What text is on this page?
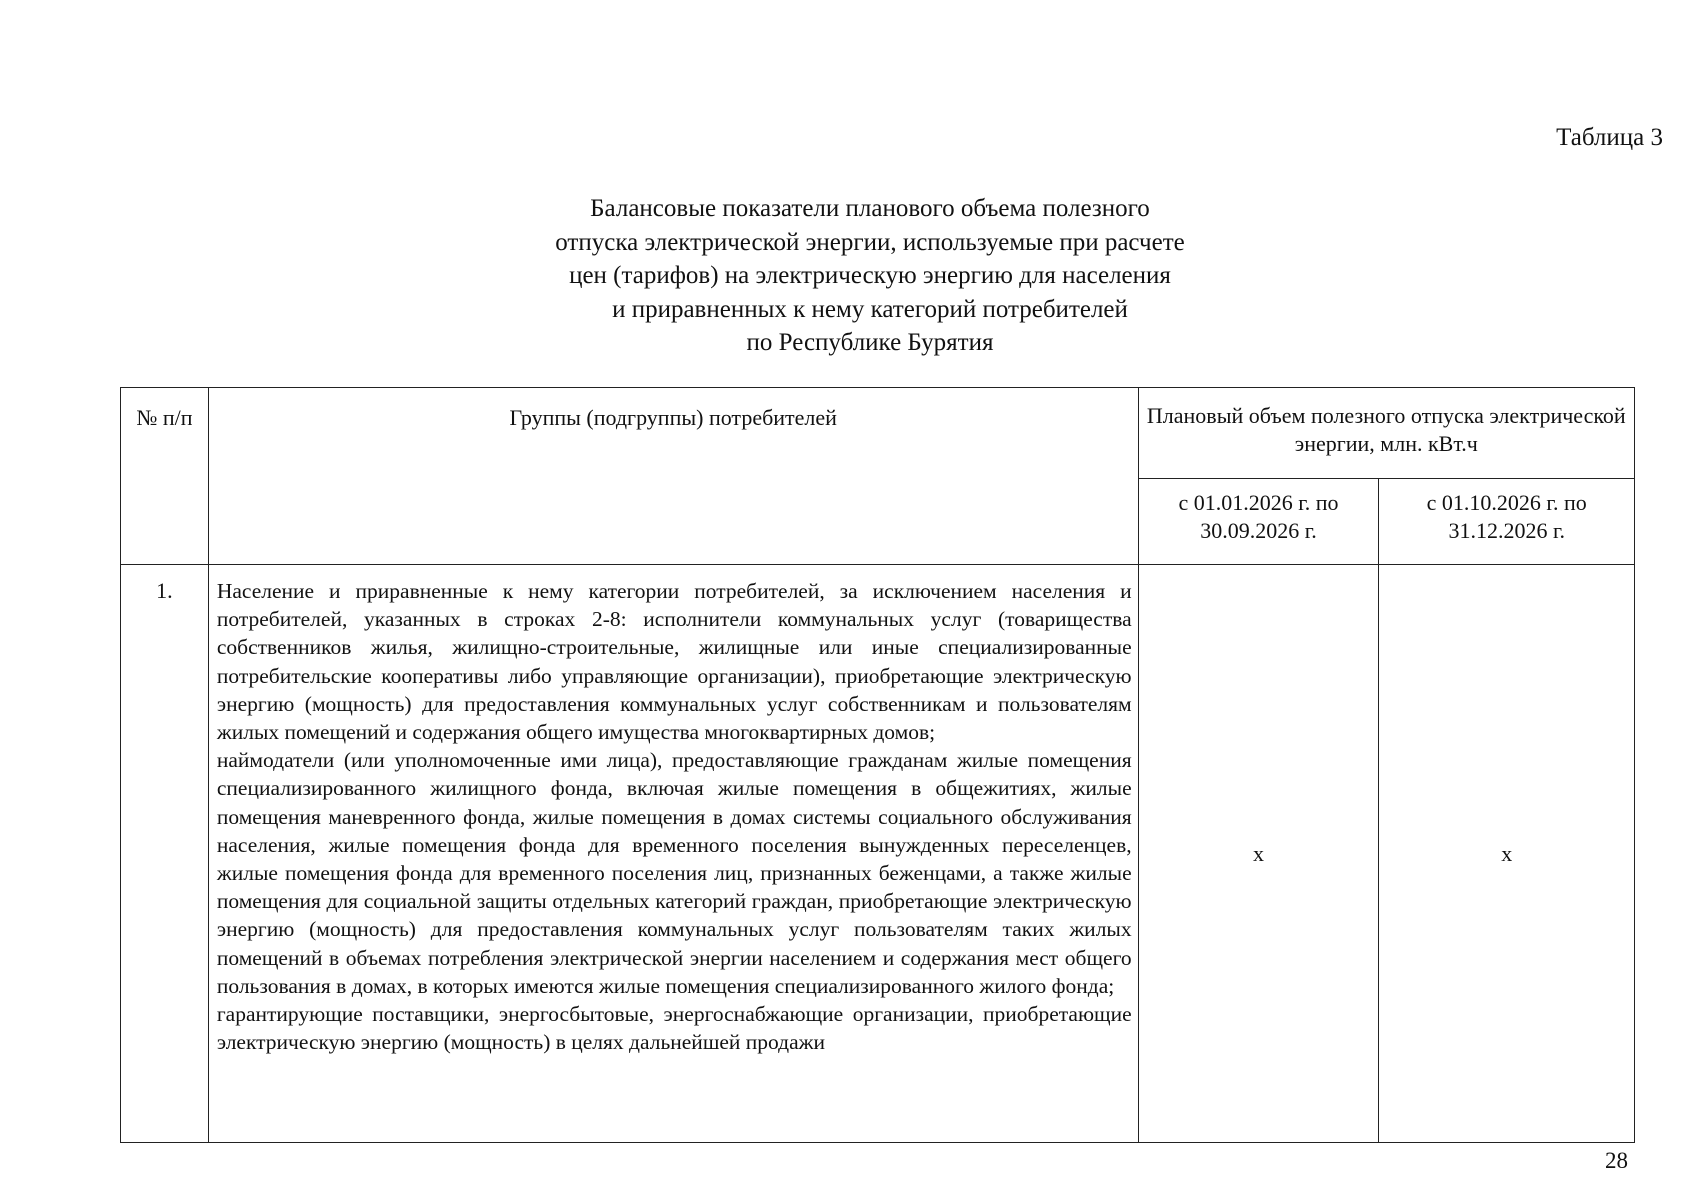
Таблица 3
Балансовые показатели планового объема полезного
отпуска электрической энергии, используемые при расчете
цен (тарифов) на электрическую энергию для населения
и приравненных к нему категорий потребителей
по Республике Бурятия
№ п/п	Группы (подгруппы) потребителей	Плановый объем полезного отпуска электрической энергии, млн. кВт.ч	
		с 01.01.2026 г. по 30.09.2026 г.	с 01.10.2026 г. по 31.12.2026 г.
1.	Население и приравненные к нему категории потребителей, за исключением населения и потребителей, указанных в строках 2-8: исполнители коммунальных услуг (товарищества собственников жилья, жилищно-строительные, жилищные или иные специализированные потребительские кооперативы либо управляющие организации), приобретающие электрическую энергию (мощность) для предоставления коммунальных услуг собственникам и пользователям жилых помещений и содержания общего имущества многоквартирных домов;

наймодатели (или уполномоченные ими лица), предоставляющие гражданам жилые помещения специализированного жилищного фонда, включая жилые помещения в общежитиях, жилые помещения маневренного фонда, жилые помещения в домах системы социального обслуживания населения, жилые помещения фонда для временного поселения вынужденных переселенцев, жилые помещения фонда для временного поселения лиц, признанных беженцами, а также жилые помещения для социальной защиты отдельных категорий граждан, приобретающие электрическую энергию (мощность) для предоставления коммунальных услуг пользователям таких жилых помещений в объемах потребления электрической энергии населением и содержания мест общего пользования в домах, в которых имеются жилые помещения специализированного жилого фонда;

гарантирующие поставщики, энергосбытовые, энергоснабжающие организации, приобретающие электрическую энергию (мощность) в целях дальнейшей продажи	x	x
28
